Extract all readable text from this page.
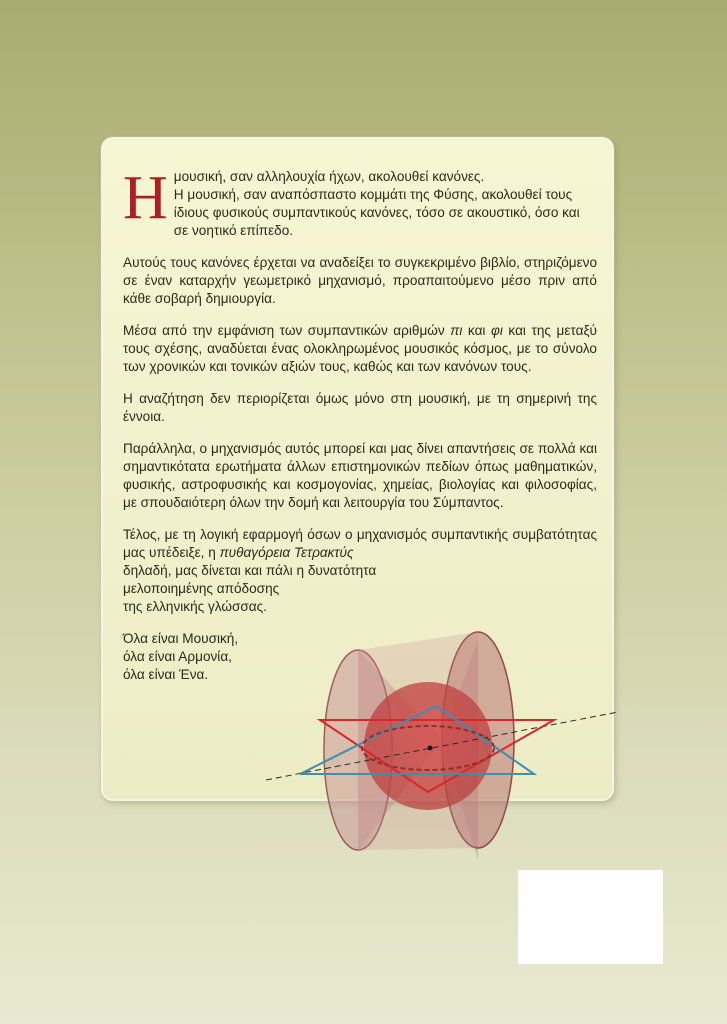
Ημουσική, σαν αλληλουχία ήχων, ακολουθεί κανόνες.
Η μουσική, σαν αναπόσπαστο κομμάτι της Φύσης, ακολουθεί τους ίδιους φυσικούς συμπαντικούς κανόνες, τόσο σε ακουστικό, όσο και σε νοητικό επίπεδο.

Αυτούς τους κανόνες έρχεται να αναδείξει το συγκεκριμένο βιβλίο, στηριζόμενο σε έναν καταρχήν γεωμετρικό μηχανισμό, προαπαιτούμενο μέσο πριν από κάθε σοβαρή δημιουργία.

Μέσα από την εμφάνιση των συμπαντικών αριθμών πι και φι και της μεταξύ τους σχέσης, αναδύεται ένας ολοκληρωμένος μουσικός κόσμος, με το σύνολο των χρονικών και τονικών αξιών τους, καθώς και των κανόνων τους.

Η αναζήτηση δεν περιορίζεται όμως μόνο στη μουσική, με τη σημερινή της έννοια.

Παράλληλα, ο μηχανισμός αυτός μπορεί και μας δίνει απαντήσεις σε πολλά και σημαντικότατα ερωτήματα άλλων επιστημονικών πεδίων όπως μαθηματικών, φυσικής, αστροφυσικής και κοσμογονίας, χημείας, βιολογίας και φιλοσοφίας, με σπουδαιότερη όλων την δομή και λειτουργία του Σύμπαντος.

Τέλος, με τη λογική εφαρμογή όσων ο μηχανισμός συμπαντικής συμβατότητας μας υπέδειξε, η πυθαγόρεια Τετρακτύς

δηλαδή, μας δίνεται και πάλι η δυνατότητα
μελοποιημένης απόδοσης
της ελληνικής γλώσσας.

Όλα είναι Μουσική,
όλα είναι Αρμονία,
όλα είναι Ένα.
